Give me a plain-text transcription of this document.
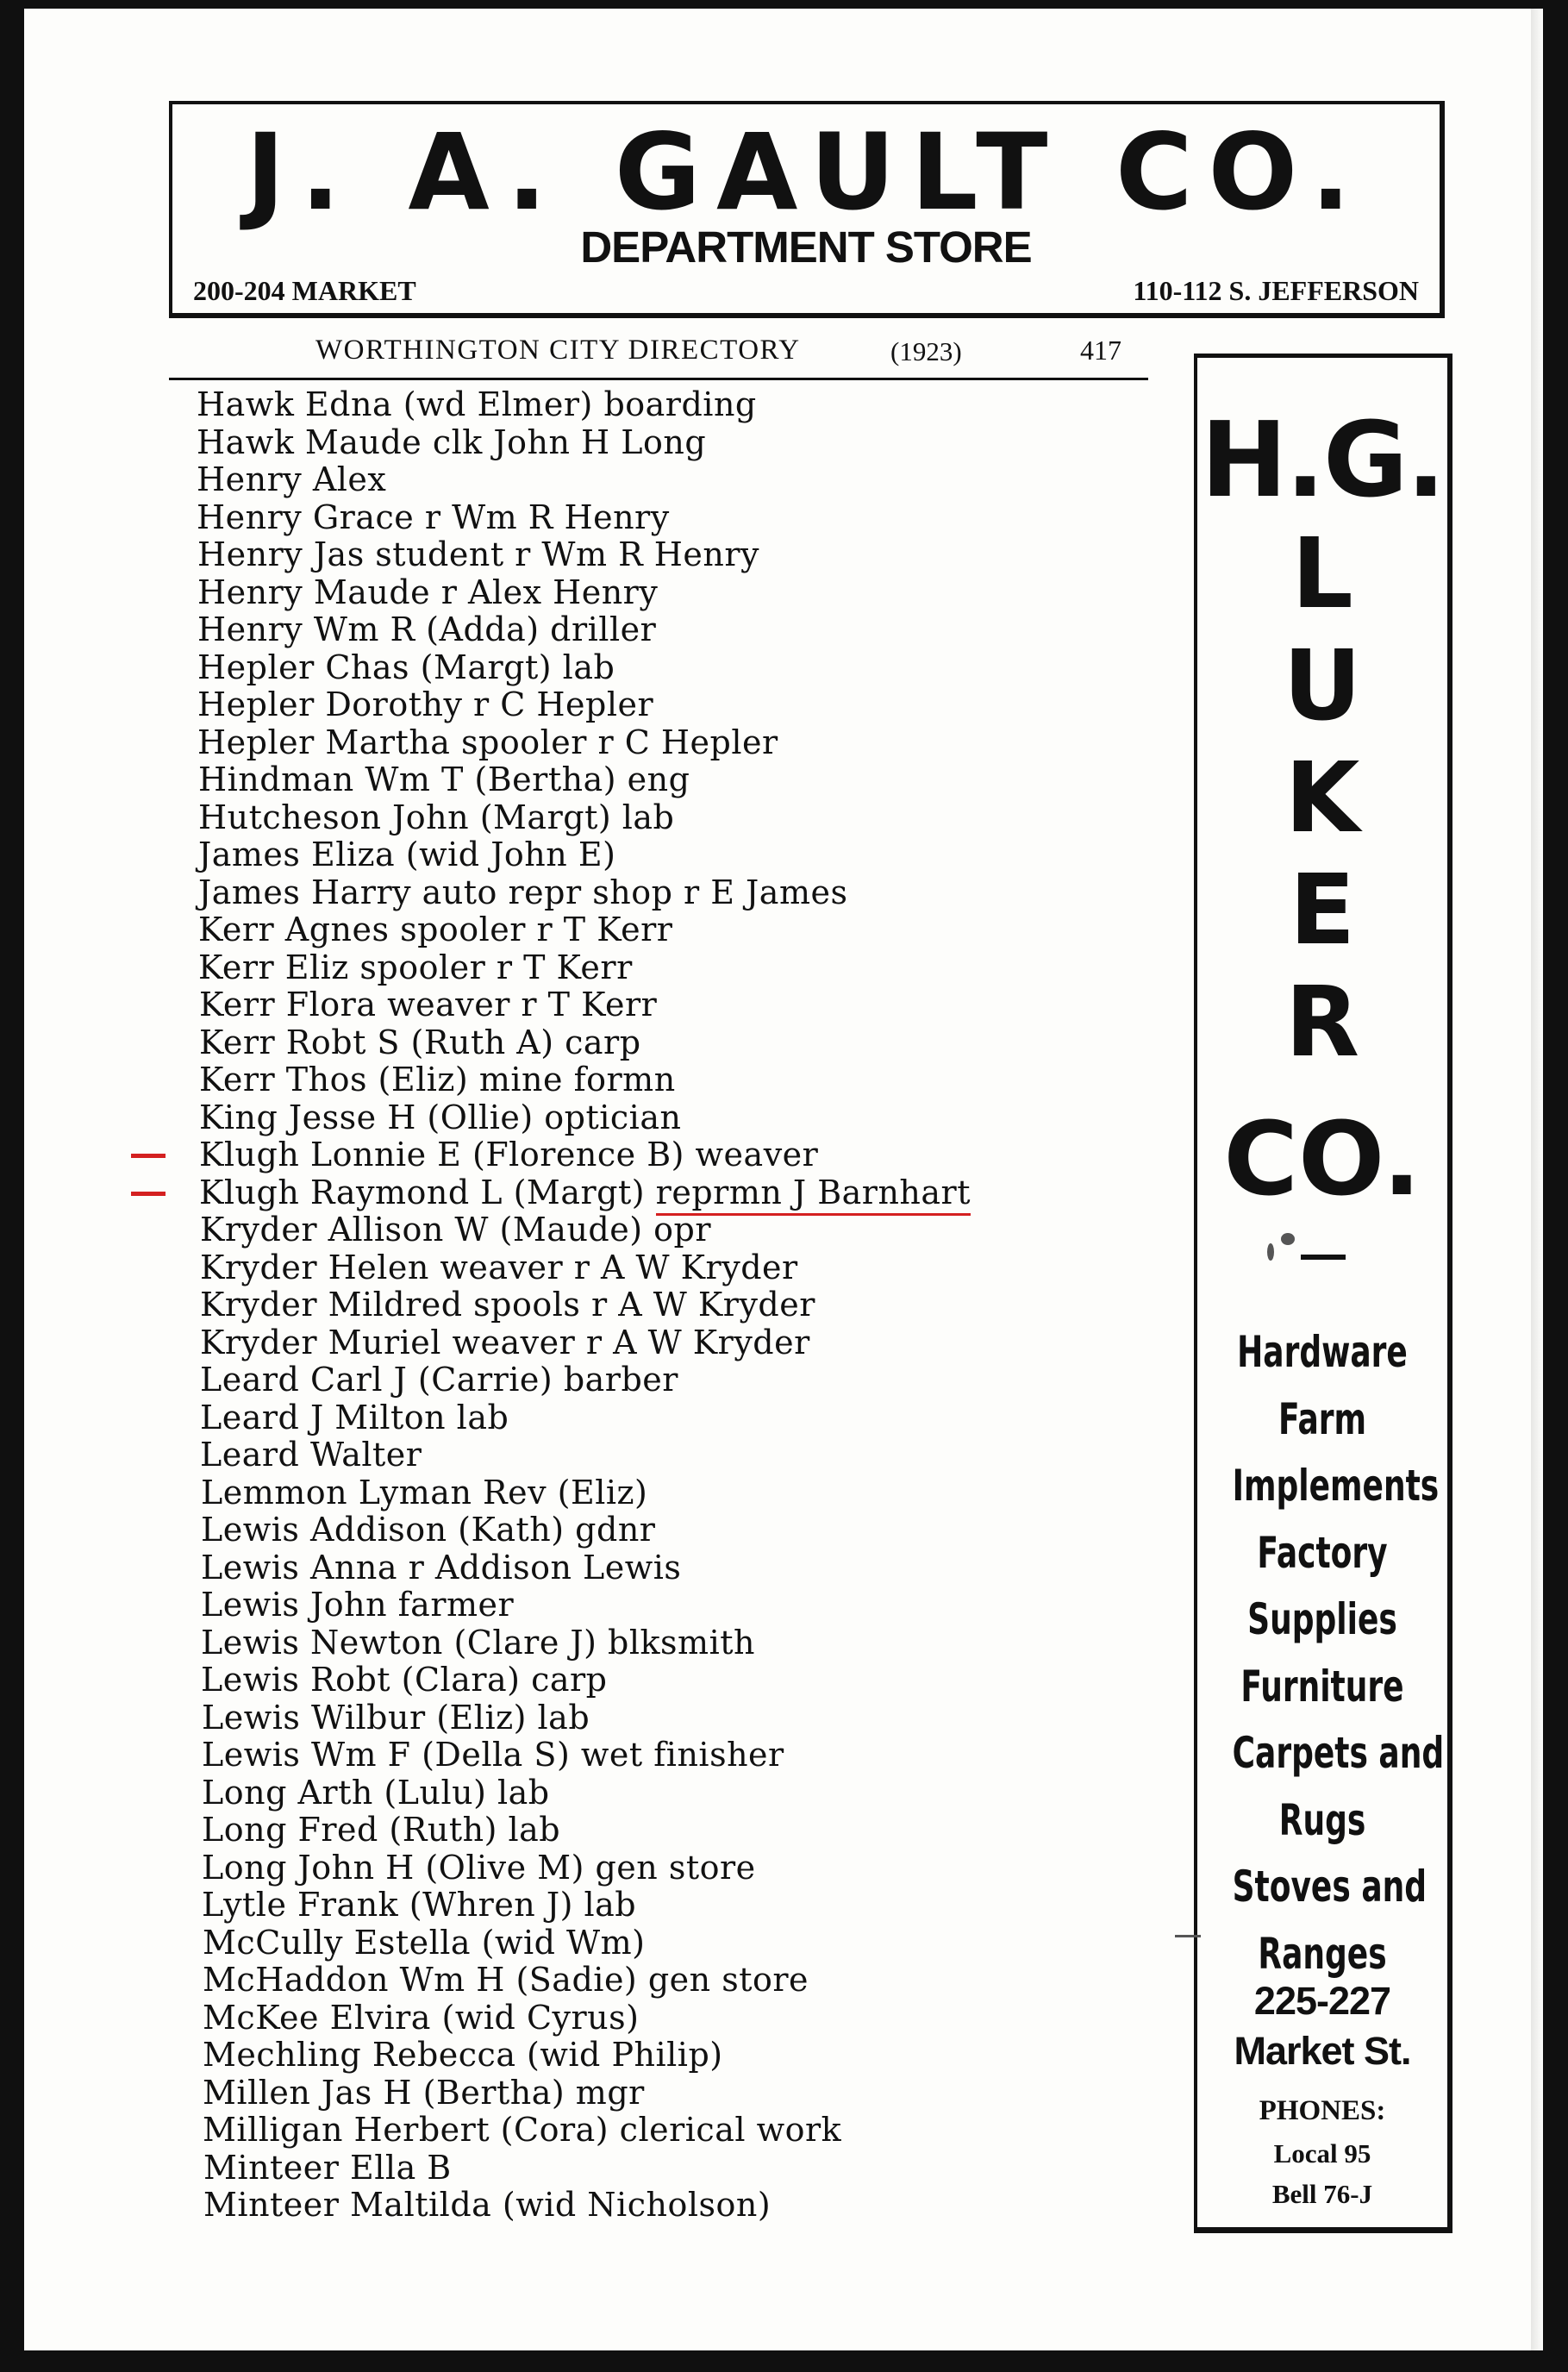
J. A. GAULT CO.
DEPARTMENT STORE
200-204 MARKET	110-112 S. JEFFERSON
WORTHINGTON CITY DIRECTORY	(1923)	417
Hawk Edna (wd Elmer) boarding
Hawk Maude clk John H Long
Henry Alex
Henry Grace r Wm R Henry
Henry Jas student r Wm R Henry
Henry Maude r Alex Henry
Henry Wm R (Adda) driller
Hepler Chas (Margt) lab
Hepler Dorothy r C Hepler
Hepler Martha spooler r C Hepler
Hindman Wm T (Bertha) eng
Hutcheson John (Margt) lab
James Eliza (wid John E)
James Harry auto repr shop r E James
Kerr Agnes spooler r T Kerr
Kerr Eliz spooler r T Kerr
Kerr Flora weaver r T Kerr
Kerr Robt S (Ruth A) carp
Kerr Thos (Eliz) mine formn
King Jesse H (Ollie) optician
Klugh Lonnie E (Florence B) weaver
Klugh Raymond L (Margt) reprmn J Barnhart
Kryder Allison W (Maude) opr
Kryder Helen weaver r A W Kryder
Kryder Mildred spools r A W Kryder
Kryder Muriel weaver r A W Kryder
Leard Carl J (Carrie) barber
Leard J Milton lab
Leard Walter
Lemmon Lyman Rev (Eliz)
Lewis Addison (Kath) gdnr
Lewis Anna r Addison Lewis
Lewis John farmer
Lewis Newton (Clare J) blksmith
Lewis Robt (Clara) carp
Lewis Wilbur (Eliz) lab
Lewis Wm F (Della S) wet finisher
Long Arth (Lulu) lab
Long Fred (Ruth) lab
Long John H (Olive M) gen store
Lytle Frank (Whren J) lab
McCully Estella (wid Wm)
McHaddon Wm H (Sadie) gen store
McKee Elvira (wid Cyrus)
Mechling Rebecca (wid Philip)
Millen Jas H (Bertha) mgr
Milligan Herbert (Cora) clerical work
Minteer Ella B
Minteer Maltilda (wid Nicholson)
H.G.
L
U
K
E
R
CO.
Hardware
Farm
Implements
Factory
Supplies
Furniture
Carpets and
Rugs
Stoves and
Ranges
225-227
Market St.
PHONES:
Local 95
Bell 76-J
